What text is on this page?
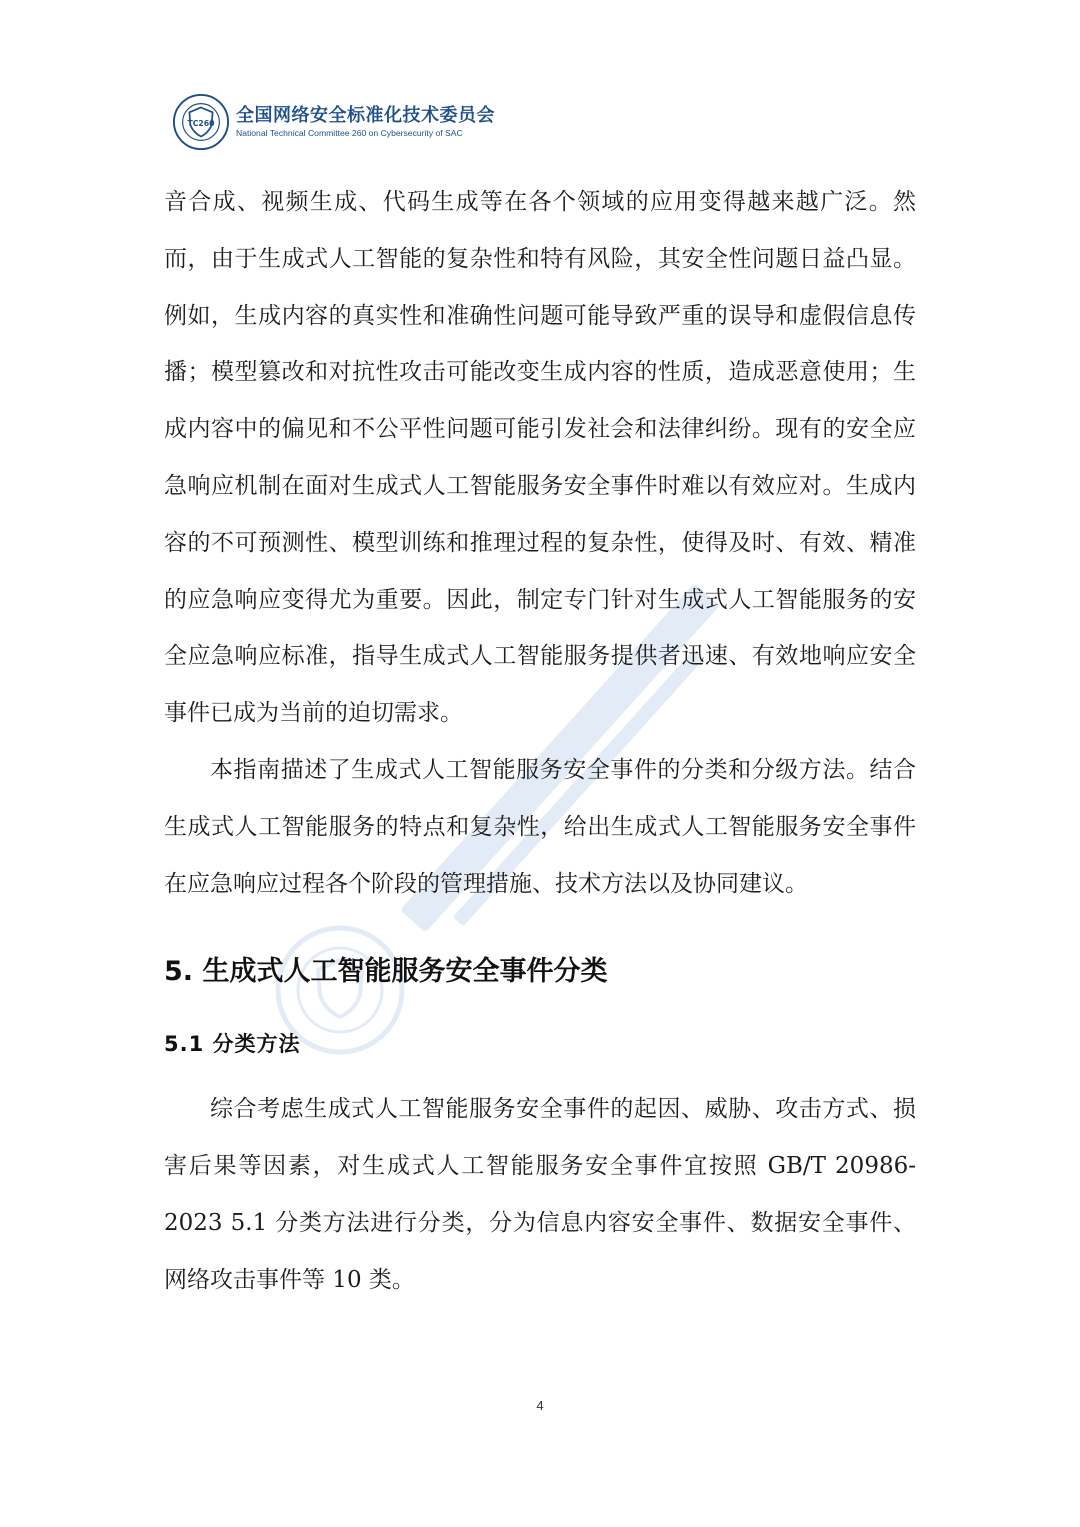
TC260 全国网络安全标准化技术委员会
National Technical Committee 260 on Cybersecurity of SAC

音合成、视频生成、代码生成等在各个领域的应用变得越来越广泛。然而，由于生成式人工智能的复杂性和特有风险，其安全性问题日益凸显。例如，生成内容的真实性和准确性问题可能导致严重的误导和虚假信息传播；模型篡改和对抗性攻击可能改变生成内容的性质，造成恶意使用；生成内容中的偏见和不公平性问题可能引发社会和法律纠纷。现有的安全应急响应机制在面对生成式人工智能服务安全事件时难以有效应对。生成内容的不可预测性、模型训练和推理过程的复杂性，使得及时、有效、精准的应急响应变得尤为重要。因此，制定专门针对生成式人工智能服务的安全应急响应标准，指导生成式人工智能服务提供者迅速、有效地响应安全事件已成为当前的迫切需求。

本指南描述了生成式人工智能服务安全事件的分类和分级方法。结合生成式人工智能服务的特点和复杂性，给出生成式人工智能服务安全事件在应急响应过程各个阶段的管理措施、技术方法以及协同建议。

5. 生成式人工智能服务安全事件分类
5.1 分类方法

综合考虑生成式人工智能服务安全事件的起因、威胁、攻击方式、损害后果等因素，对生成式人工智能服务安全事件宜按照 GB/T 20986-2023 5.1 分类方法进行分类，分为信息内容安全事件、数据安全事件、网络攻击事件等 10 类。

4
